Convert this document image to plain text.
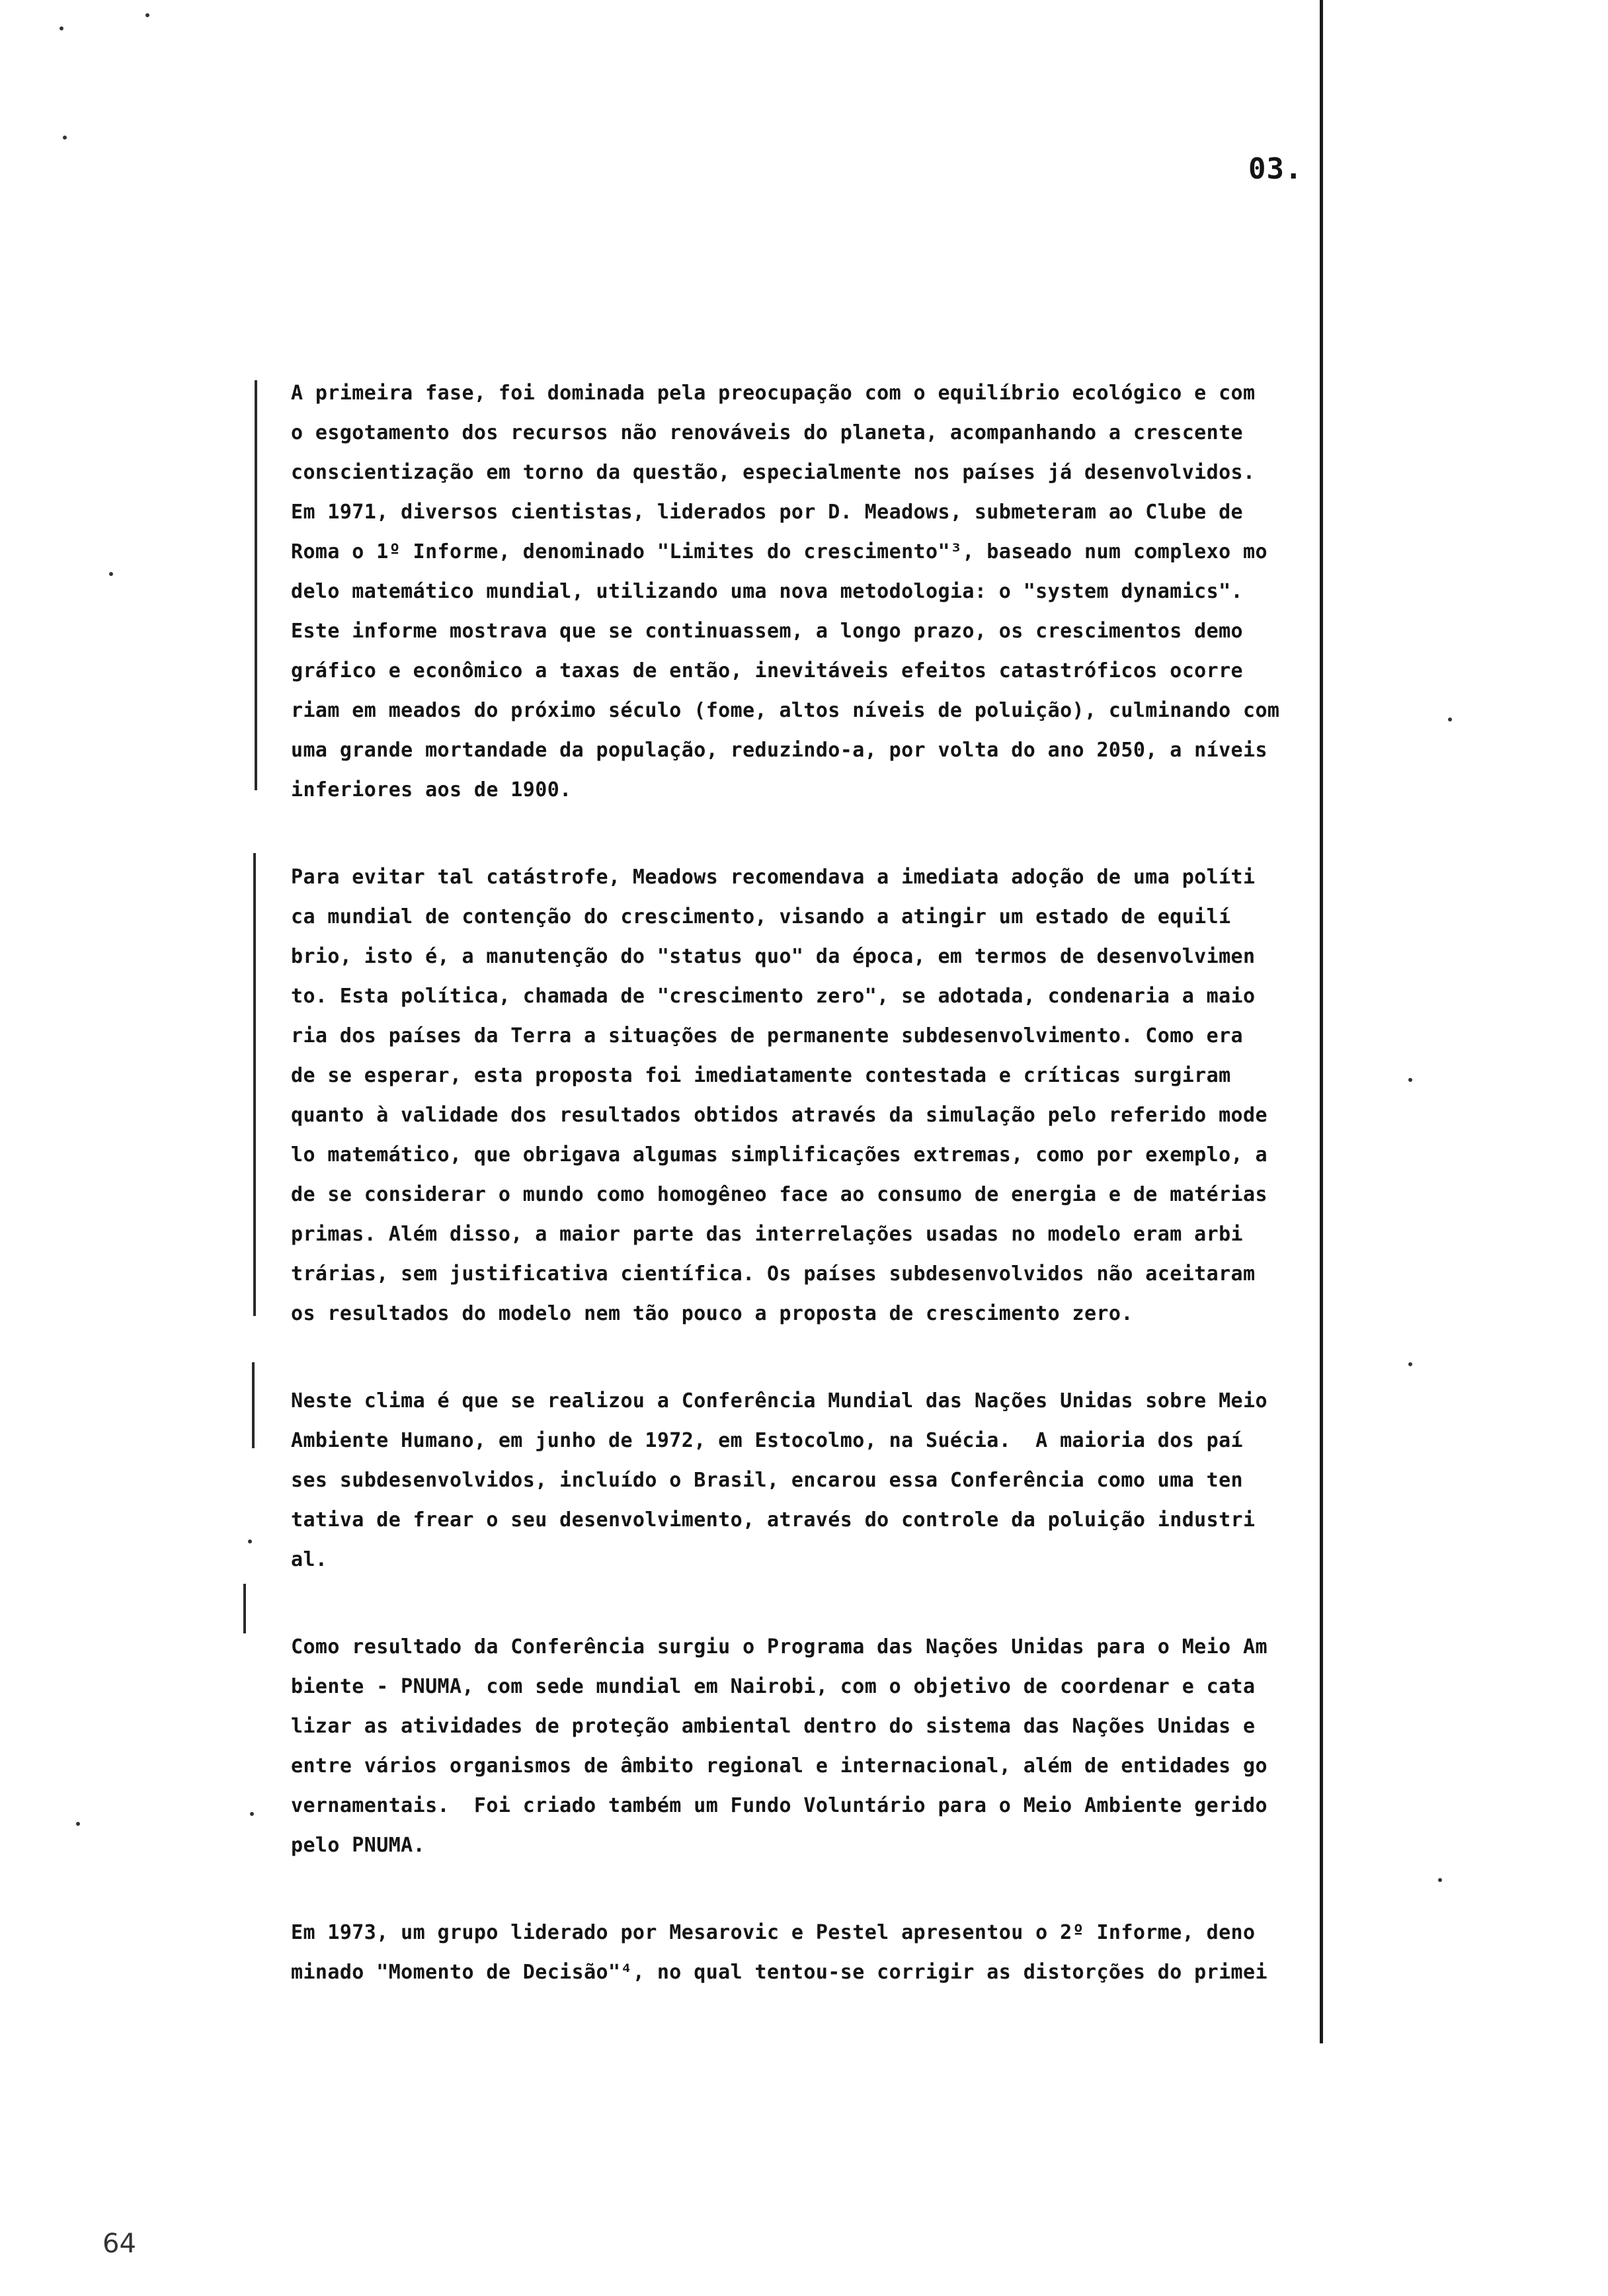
03.
A primeira fase, foi dominada pela preocupação com o equilíbrio ecológico e com
o esgotamento dos recursos não renováveis do planeta, acompanhando a crescente
conscientização em torno da questão, especialmente nos países já desenvolvidos.
Em 1971, diversos cientistas, liderados por D. Meadows, submeteram ao Clube de
Roma o 1º Informe, denominado "Limites do crescimento"³, baseado num complexo mo
delo matemático mundial, utilizando uma nova metodologia: o "system dynamics".
Este informe mostrava que se continuassem, a longo prazo, os crescimentos demo
gráfico e econômico a taxas de então, inevitáveis efeitos catastróficos ocorre
riam em meados do próximo século (fome, altos níveis de poluição), culminando com
uma grande mortandade da população, reduzindo-a, por volta do ano 2050, a níveis
inferiores aos de 1900.
Para evitar tal catástrofe, Meadows recomendava a imediata adoção de uma políti
ca mundial de contenção do crescimento, visando a atingir um estado de equilí
brio, isto é, a manutenção do "status quo" da época, em termos de desenvolvimen
to. Esta política, chamada de "crescimento zero", se adotada, condenaria a maio
ria dos países da Terra a situações de permanente subdesenvolvimento. Como era
de se esperar, esta proposta foi imediatamente contestada e críticas surgiram
quanto à validade dos resultados obtidos através da simulação pelo referido mode
lo matemático, que obrigava algumas simplificações extremas, como por exemplo, a
de se considerar o mundo como homogêneo face ao consumo de energia e de matérias
primas. Além disso, a maior parte das interrelações usadas no modelo eram arbi
trárias, sem justificativa científica. Os países subdesenvolvidos não aceitaram
os resultados do modelo nem tão pouco a proposta de crescimento zero.
Neste clima é que se realizou a Conferência Mundial das Nações Unidas sobre Meio
Ambiente Humano, em junho de 1972, em Estocolmo, na Suécia.  A maioria dos paí
ses subdesenvolvidos, incluído o Brasil, encarou essa Conferência como uma ten
tativa de frear o seu desenvolvimento, através do controle da poluição industri
al.
Como resultado da Conferência surgiu o Programa das Nações Unidas para o Meio Am
biente - PNUMA, com sede mundial em Nairobi, com o objetivo de coordenar e cata
lizar as atividades de proteção ambiental dentro do sistema das Nações Unidas e
entre vários organismos de âmbito regional e internacional, além de entidades go
vernamentais.  Foi criado também um Fundo Voluntário para o Meio Ambiente gerido
pelo PNUMA.
Em 1973, um grupo liderado por Mesarovic e Pestel apresentou o 2º Informe, deno
minado "Momento de Decisão"⁴, no qual tentou-se corrigir as distorções do primei
64
